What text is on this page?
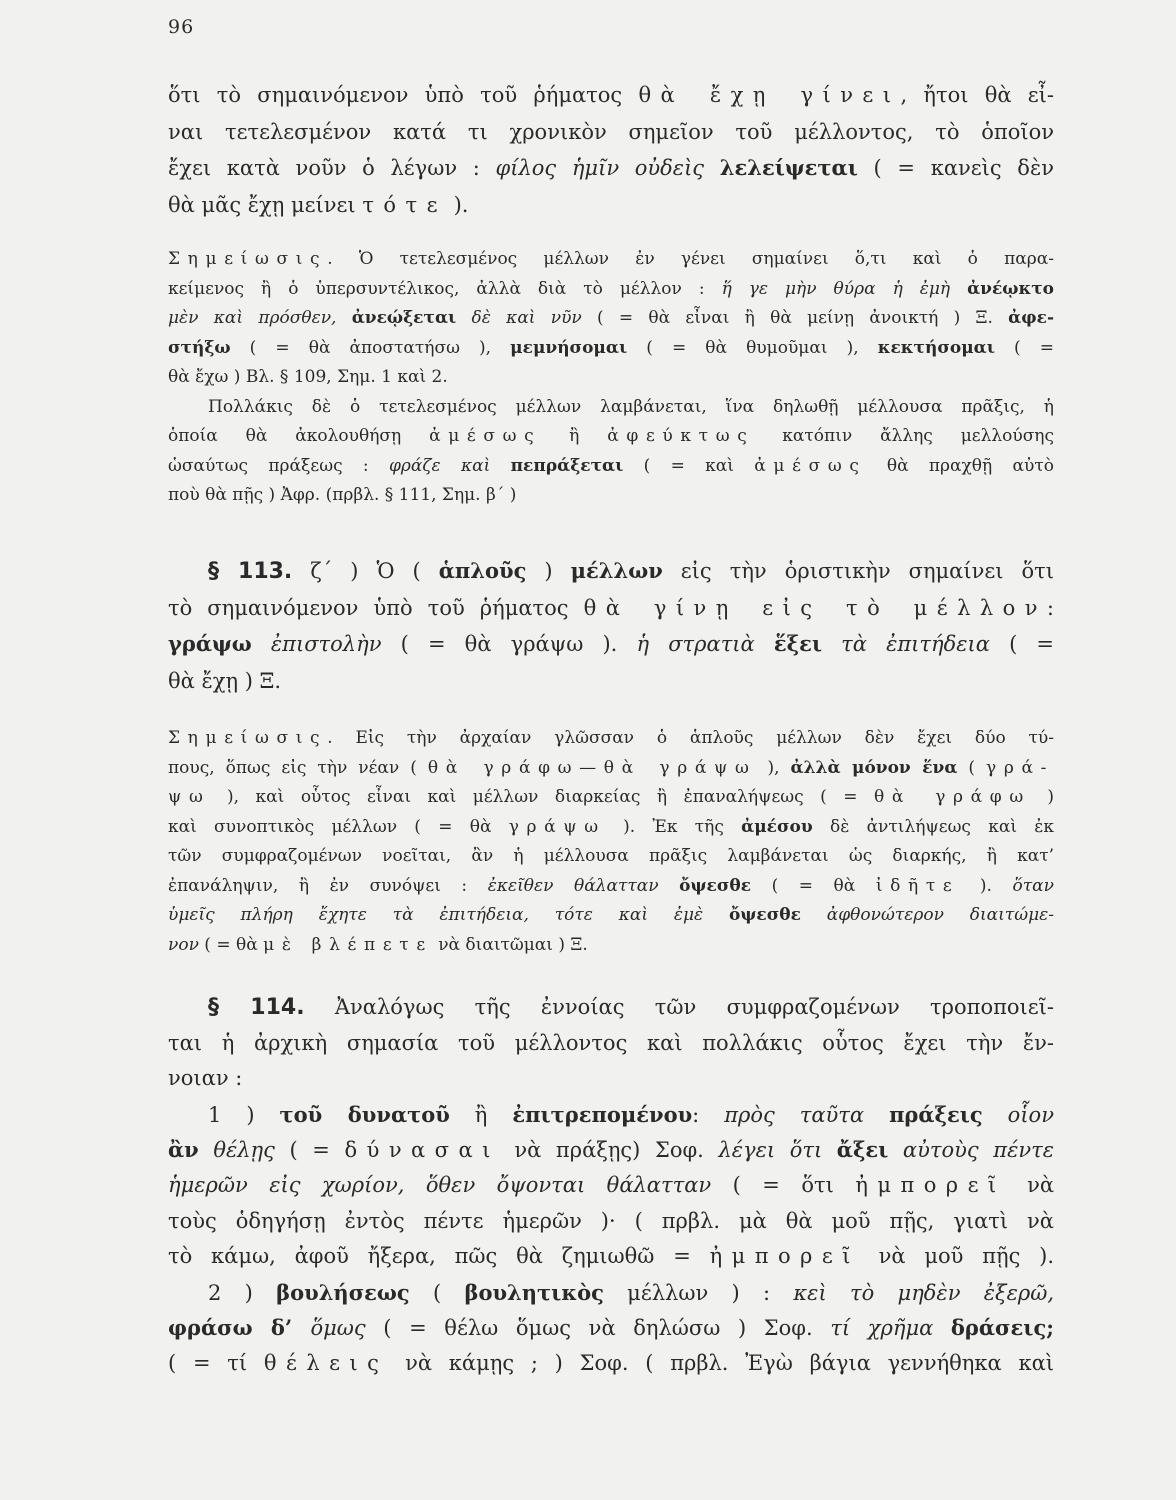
96
ὅτι τὸ σημαινόμενον ὑπὸ τοῦ ῥήματος θὰ ἔχῃ γίνει, ἤτοι θὰ εἶ-
ναι τετελεσμένον κατά τι χρονικὸν σημεῖον τοῦ μέλλοντος, τὸ ὁποῖον
ἔχει κατὰ νοῦν ὁ λέγων : φίλος ἡμῖν οὐδεὶς λελείψεται ( = κανεὶς δὲν
θὰ μᾶς ἔχῃ μείνει τότε ).
Σημείωσις. Ὁ τετελεσμένος μέλλων ἐν γένει σημαίνει ὅ,τι καὶ ὁ παρα-
κείμενος ἢ ὁ ὑπερσυντέλικος, ἀλλὰ διὰ τὸ μέλλον : ἥ γε μὴν θύρα ἡ ἐμὴ ἀνέῳκτο
μὲν καὶ πρόσθεν, ἀνεῴξεται δὲ καὶ νῦν ( = θὰ εἶναι ἢ θὰ μείνῃ ἀνοικτή ) Ξ. ἀφε-
στήξω ( = θὰ ἀποστατήσω ), μεμνήσομαι ( = θὰ θυμοῦμαι ), κεκτήσομαι ( =
θὰ ἔχω ) Βλ. § 109, Σημ. 1 καὶ 2.
Πολλάκις δὲ ὁ τετελεσμένος μέλλων λαμβάνεται, ἵνα δηλωθῇ μέλλουσα πρᾶξις, ἡ
ὁποία θὰ ἀκολουθήσῃ ἀμέσως ἢ ἀφεύκτως κατόπιν ἄλλης μελλούσης
ὡσαύτως πράξεως : φράζε καὶ πεπράξεται ( = καὶ ἀμέσως θὰ πραχθῇ αὐτὸ
ποὺ θὰ πῇς ) Ἀφρ. (πρβλ. § 111, Σημ. β΄ )
§ 113. ζ΄ ) Ὁ ( ἁπλοῦς ) μέλλων εἰς τὴν ὁριστικὴν σημαίνει ὅτι
τὸ σημαινόμενον ὑπὸ τοῦ ῥήματος θὰ γίνῃ εἰς τὸ μέλλον:
γράψω ἐπιστολὴν ( = θὰ γράψω ). ἡ στρατιὰ ἕξει τὰ ἐπιτήδεια ( =
θὰ ἔχῃ ) Ξ.
Σημείωσις. Εἰς τὴν ἀρχαίαν γλῶσσαν ὁ ἁπλοῦς μέλλων δὲν ἔχει δύο τύ-
πους, ὅπως εἰς τὴν νέαν ( θὰ γράφω—θὰ γράψω ), ἀλλὰ μόνον ἕνα ( γρά-
ψω ), καὶ οὗτος εἶναι καὶ μέλλων διαρκείας ἢ ἐπαναλήψεως ( = θὰ γράφω )
καὶ συνοπτικὸς μέλλων ( = θὰ γράψω ). Ἐκ τῆς ἀμέσου δὲ ἀντιλήψεως καὶ ἐκ
τῶν συμφραζομένων νοεῖται, ἂν ἡ μέλλουσα πρᾶξις λαμβάνεται ὡς διαρκής, ἢ κατ’
ἐπανάληψιν, ἢ ἐν συνόψει : ἐκεῖθεν θάλατταν ὄψεσθε ( = θὰ ἰδῆτε ). ὅταν
ὑμεῖς πλήρη ἔχητε τὰ ἐπιτήδεια, τότε καὶ ἐμὲ ὄψεσθε ἀφθονώτερον διαιτώμε-
νον ( = θὰ μὲ βλέπετε νὰ διαιτῶμαι ) Ξ.
§ 114. Ἀναλόγως τῆς ἐννοίας τῶν συμφραζομένων τροποποιεῖ-
ται ἡ ἀρχικὴ σημασία τοῦ μέλλοντος καὶ πολλάκις οὗτος ἔχει τὴν ἔν-
νοιαν :
1 ) τοῦ δυνατοῦ ἢ ἐπιτρεπομένου: πρὸς ταῦτα πράξεις οἷον
ἂν θέλῃς ( = δύνασαι νὰ πράξῃς) Σοφ. λέγει ὅτι ἄξει αὐτοὺς πέντε
ἡμερῶν εἰς χωρίον, ὅθεν ὄψονται θάλατταν ( = ὅτι ἠμπορεῖ νὰ
τοὺς ὁδηγήσῃ ἐντὸς πέντε ἡμερῶν )· ( πρβλ. μὰ θὰ μοῦ πῇς, γιατὶ νὰ
τὸ κάμω, ἀφοῦ ἤξερα, πῶς θὰ ζημιωθῶ = ἠμπορεῖ νὰ μοῦ πῇς ).
2 ) βουλήσεως ( βουλητικὸς μέλλων ) : κεὶ τὸ μηδὲν ἐξερῶ,
φράσω δ’ ὅμως ( = θέλω ὅμως νὰ δηλώσω ) Σοφ. τί χρῆμα δράσεις;
( = τί θέλεις νὰ κάμῃς ; ) Σοφ. ( πρβλ. Ἐγὼ βάγια γεννήθηκα καὶ
